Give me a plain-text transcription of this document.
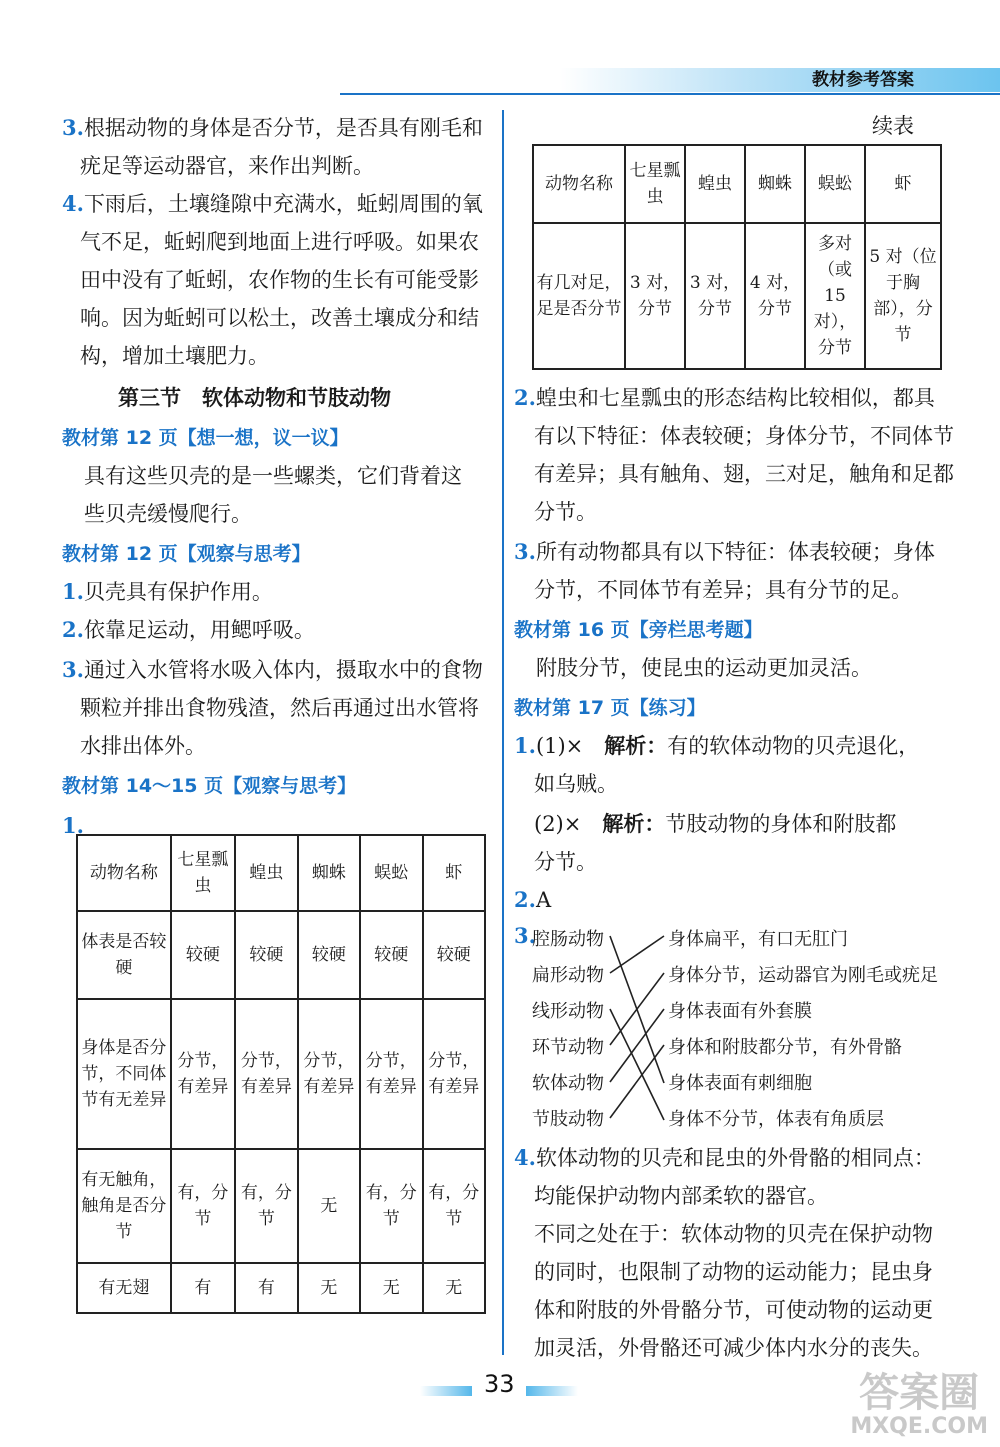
教材参考答案
3.根据动物的身体是否分节，是否具有刚毛和
疣足等运动器官，来作出判断。
4.下雨后，土壤缝隙中充满水，蚯蚓周围的氧
气不足，蚯蚓爬到地面上进行呼吸。如果农
田中没有了蚯蚓，农作物的生长有可能受影
响。因为蚯蚓可以松土，改善土壤成分和结
构，增加土壤肥力。
第三节　软体动物和节肢动物
教材第 12 页【想一想，议一议】
具有这些贝壳的是一些螺类，它们背着这
些贝壳缓慢爬行。
教材第 12 页【观察与思考】
1.贝壳具有保护作用。
2.依靠足运动，用鳃呼吸。
3.通过入水管将水吸入体内，摄取水中的食物
颗粒并排出食物残渣，然后再通过出水管将
水排出体外。
教材第 14～15 页【观察与思考】
1.
动物名称	七星瓢虫	蝗虫	蜘蛛	蜈蚣	虾
体表是否较硬	较硬	较硬	较硬	较硬	较硬
身体是否分节，不同体节有无差异	分节，有差异	分节，有差异	分节，有差异	分节，有差异	分节，有差异
有无触角，触角是否分节	有，分节	有，分节	无	有，分节	有，分节
有无翅	有	有	无	无	无
续表
动物名称	七星瓢虫	蝗虫	蜘蛛	蜈蚣	虾
有几对足，足是否分节	3 对，分节	3 对，分节	4 对，分节	多对（或 15 对），分节	5 对（位于胸部），分节
2.蝗虫和七星瓢虫的形态结构比较相似，都具
有以下特征：体表较硬；身体分节，不同体节
有差异；具有触角、翅，三对足，触角和足都
分节。
3.所有动物都具有以下特征：体表较硬；身体
分节，不同体节有差异；具有分节的足。
教材第 16 页【旁栏思考题】
附肢分节，使昆虫的运动更加灵活。
教材第 17 页【练习】
1.(1)×　解析：有的软体动物的贝壳退化，
如乌贼。
(2)×　解析：节肢动物的身体和附肢都
分节。
2.A
3.
腔肠动物
扁形动物
线形动物
环节动物
软体动物
节肢动物
身体扁平，有口无肛门
身体分节，运动器官为刚毛或疣足
身体表面有外套膜
身体和附肢都分节，有外骨骼
身体表面有刺细胞
身体不分节，体表有角质层
4.软体动物的贝壳和昆虫的外骨骼的相同点：
均能保护动物内部柔软的器官。
不同之处在于：软体动物的贝壳在保护动物
的同时，也限制了动物的运动能力；昆虫身
体和附肢的外骨骼分节，可使动物的运动更
加灵活，外骨骼还可减少体内水分的丧失。
33	答案圈
MXQE.COM
